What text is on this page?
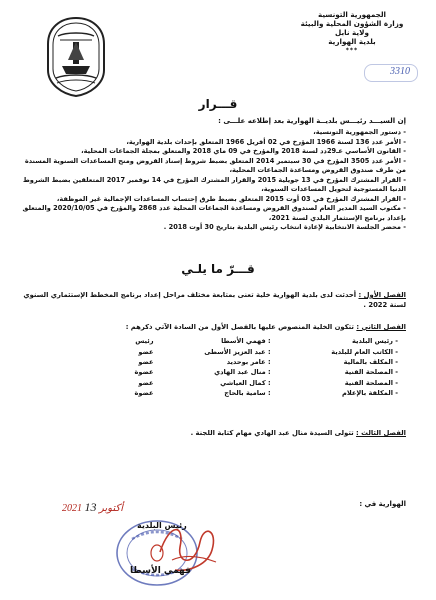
الجمهورية التونسية
وزارة الشؤون المحلية والبيئة
ولاية نابل
بلدية الهوارية
***
3310
قـــرار
إن السيـــد رئيـــس بلديــة الهوارية بعد إطلاعه علـــى :
- دستور الجمهورية التونسية،
- الأمر عدد 136 لسنة 1966 المؤرخ في 02 أفريل 1966 المتعلق بإحداث بلدية الهوارية،
- القانون الأساسي عـ29دد لسنة 2018 والمؤرخ في 09 ماي 2018 والمتعلق بمجلة الجماعات المحلية،
- الأمر عدد 3505 المؤرخ في 30 سبتمبر 2014 المتعلق بضبط شروط إسناد القروض ومنح المساعدات السنوية المسندة من طرف صندوق القروض ومساعدة الجماعات المحلية،
- القرار المشترك المؤرخ في 13 جويلية 2015 والقرار المشترك المؤرخ في 14 نوفمبر 2017 المتعلقين بضبط الشروط الدنيا المستوجبة لتحويل المساعدات السنوية،
- القرار المشترك المؤرخ في 03 أوت 2015 المتعلق بضبط طرق إحتساب المساعدات الإجمالية غير الموظفة،
- مكتوب السيد المدير العام لصندوق القروض ومساعدة الجماعات المحلية عدد 2868 والمؤرخ في 2020/10/05 والمتعلق بإعداد برنامج الإستثمار البلدي لسنة 2021،
- محضر الجلسة الانتخابية لإعادة انتخاب رئيس البلدية بتاريخ 30 أوت 2018 .
قـــرّ ما يلـي
الفصل الأول : أحدثت لدى بلدية الهوارية خلية تعنى بمتابعة مختلف مراحل إعداد برنامج المخطط الإستثماري السنوي لسنة 2022 .
الفصل الثاني : تتكون الخلية المنصوص عليها بالفصل الأول من السادة الآتي ذكرهم :
- رئيس البلدية	: فهمي الأسطا	رئيس
- الكاتب العام للبلدية	: عبد العزيز الأسطى	عضو
- المكلف بالمالية	: عامر بوحديد	عضو
- المصلحة الفنية	: منال عبد الهادي	عضوة
- المصلحة الفنية	: كمال العياشي	عضو
- المكلفة بالإعلام	: سامية بالحاج	عضوة
الفصل الثالث : تتولى السيدة منال عبد الهادي مهام كتابة اللجنة .
الهوارية في :
2021 أكتوبر 13
رئيس البلدية
فهمي الأسطا
